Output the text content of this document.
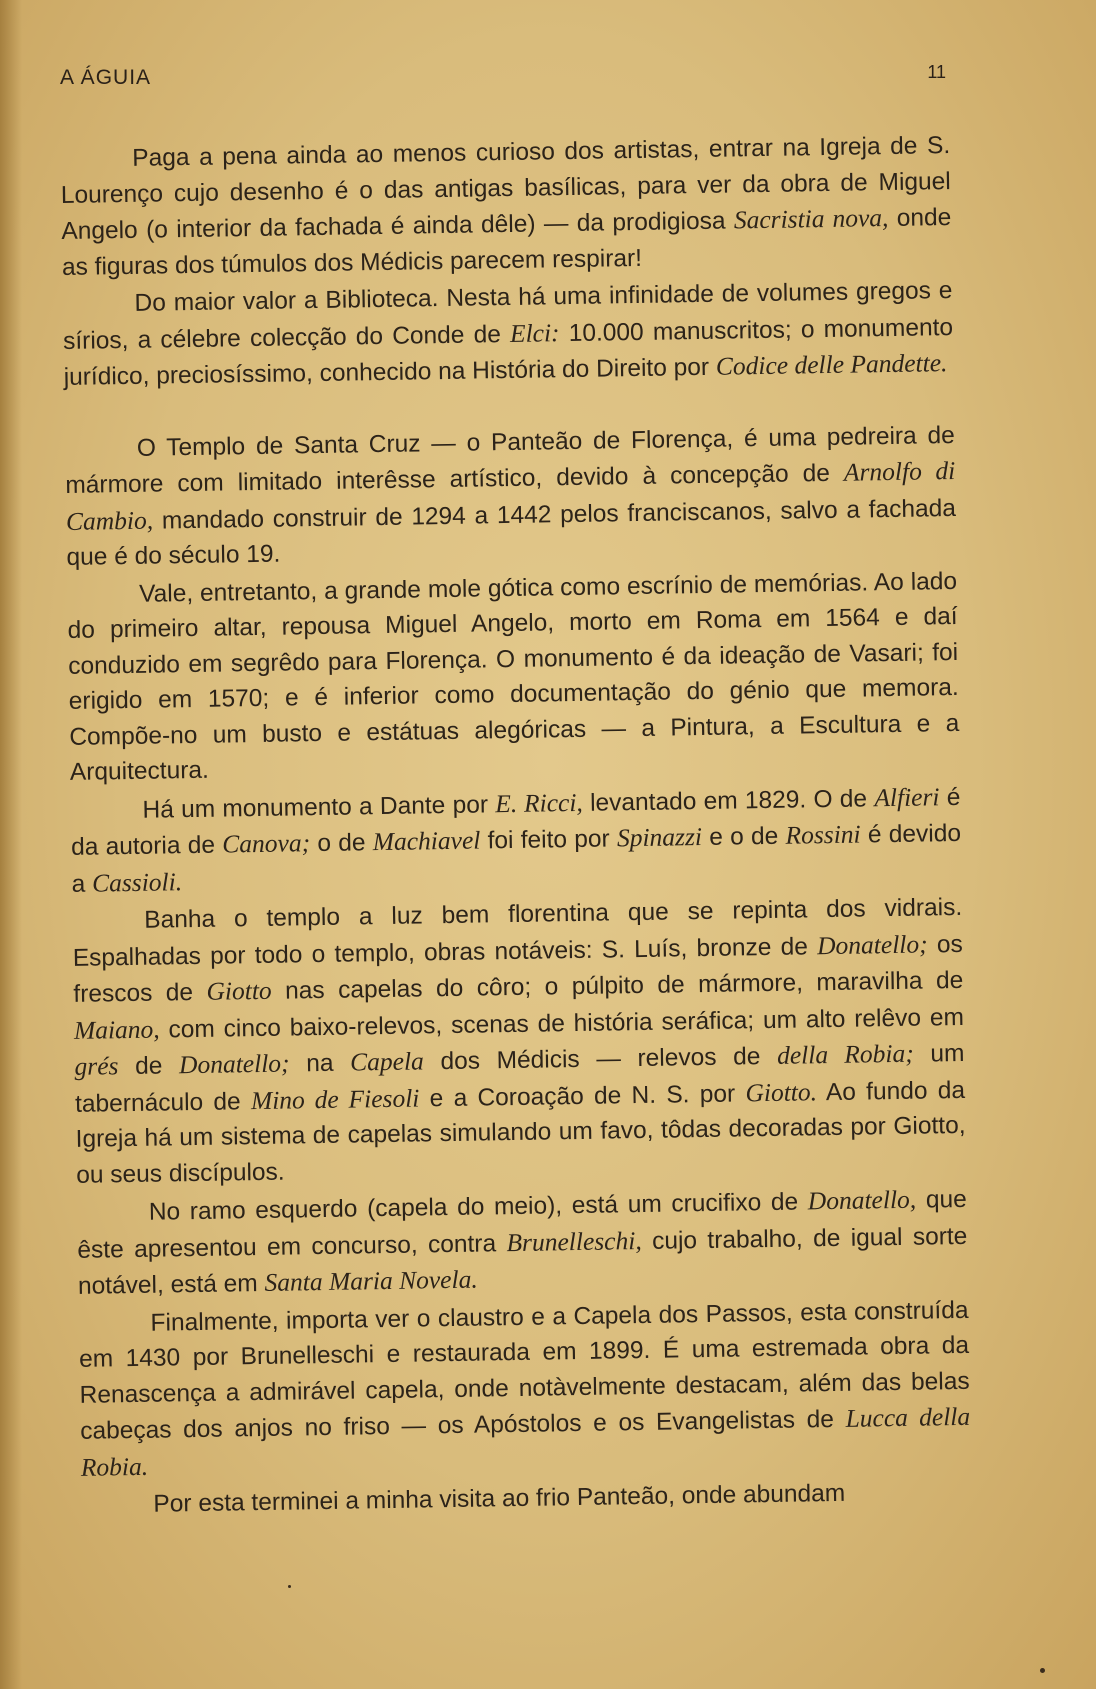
A ÁGUIA	11

Paga a pena ainda ao menos curioso dos artistas, entrar na Igreja de S. Lourenço cujo desenho é o das antigas basílicas, para ver da obra de Miguel Angelo (o interior da fachada é ainda dêle) — da prodigiosa Sacristia nova, onde as figuras dos túmulos dos Médicis parecem respirar!

Do maior valor a Biblioteca. Nesta há uma infinidade de volumes gregos e sírios, a célebre colecção do Conde de Elci: 10.000 manuscritos; o monumento jurídico, preciosíssimo, conhecido na História do Direito por Codice delle Pandette.

O Templo de Santa Cruz — o Panteão de Florença, é uma pedreira de mármore com limitado interêsse artístico, devido à concepção de Arnolfo di Cambio, mandado construir de 1294 a 1442 pelos franciscanos, salvo a fachada que é do século 19.

Vale, entretanto, a grande mole gótica como escrínio de memórias. Ao lado do primeiro altar, repousa Miguel Angelo, morto em Roma em 1564 e daí conduzido em segrêdo para Florença. O monumento é da ideação de Vasari; foi erigido em 1570; e é inferior como documentação do génio que memora. Compõe-no um busto e estátuas alegóricas — a Pintura, a Escultura e a Arquitectura.

Há um monumento a Dante por E. Ricci, levantado em 1829. O de Alfieri é da autoria de Canova; o de Machiavel foi feito por Spinazzi e o de Rossini é devido a Cassioli.

Banha o templo a luz bem florentina que se repinta dos vidrais. Espalhadas por todo o templo, obras notáveis: S. Luís, bronze de Donatello; os frescos de Giotto nas capelas do côro; o púlpito de mármore, maravilha de Maiano, com cinco baixo-relevos, scenas de história seráfica; um alto relêvo em grés de Donatello; na Capela dos Médicis — relevos de della Robia; um tabernáculo de Mino de Fiesoli e a Coroação de N. S. por Giotto. Ao fundo da Igreja há um sistema de capelas simulando um favo, tôdas decoradas por Giotto, ou seus discípulos.

No ramo esquerdo (capela do meio), está um crucifixo de Donatello, que êste apresentou em concurso, contra Brunelleschi, cujo trabalho, de igual sorte notável, está em Santa Maria Novela.

Finalmente, importa ver o claustro e a Capela dos Passos, esta construída em 1430 por Brunelleschi e restaurada em 1899. É uma estremada obra da Renascença a admirável capela, onde notàvelmente destacam, além das belas cabeças dos anjos no friso — os Apóstolos e os Evangelistas de Lucca della Robia.

Por esta terminei a minha visita ao frio Panteão, onde abundam
